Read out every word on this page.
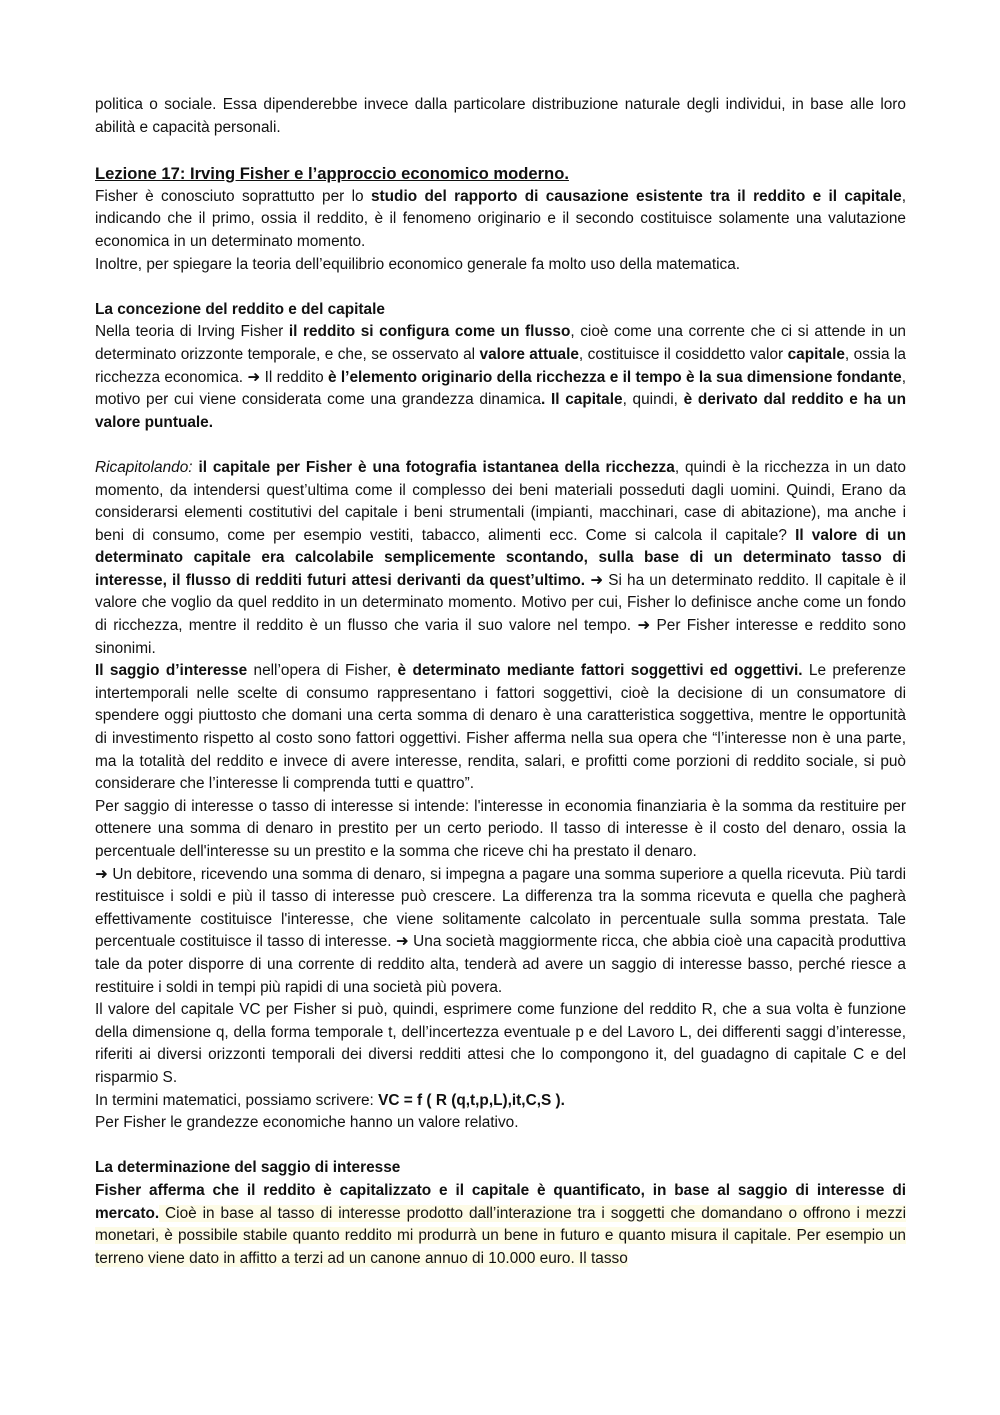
politica o sociale. Essa dipenderebbe invece dalla particolare distribuzione naturale degli individui, in base alle loro abilità e capacità personali.

Lezione 17: Irving Fisher e l’approccio economico moderno.

Fisher è conosciuto soprattutto per lo studio del rapporto di causazione esistente tra il reddito e il capitale, indicando che il primo, ossia il reddito, è il fenomeno originario e il secondo costituisce solamente una valutazione economica in un determinato momento.

Inoltre, per spiegare la teoria dell’equilibrio economico generale fa molto uso della matematica.

La concezione del reddito e del capitale

Nella teoria di Irving Fisher il reddito si configura come un flusso, cioè come una corrente che ci si attende in un determinato orizzonte temporale, e che, se osservato al valore attuale, costituisce il cosiddetto valor capitale, ossia la ricchezza economica. ➜ Il reddito è l’elemento originario della ricchezza e il tempo è la sua dimensione fondante, motivo per cui viene considerata come una grandezza dinamica. Il capitale, quindi, è derivato dal reddito e ha un valore puntuale.

Ricapitolando: il capitale per Fisher è una fotografia istantanea della ricchezza, quindi è la ricchezza in un dato momento, da intendersi quest’ultima come il complesso dei beni materiali posseduti dagli uomini. Quindi, Erano da considerarsi elementi costitutivi del capitale i beni strumentali (impianti, macchinari, case di abitazione), ma anche i beni di consumo, come per esempio vestiti, tabacco, alimenti ecc. Come si calcola il capitale? Il valore di un determinato capitale era calcolabile semplicemente scontando, sulla base di un determinato tasso di interesse, il flusso di redditi futuri attesi derivanti da quest’ultimo. ➜ Si ha un determinato reddito. Il capitale è il valore che voglio da quel reddito in un determinato momento. Motivo per cui, Fisher lo definisce anche come un fondo di ricchezza, mentre il reddito è un flusso che varia il suo valore nel tempo. ➜ Per Fisher interesse e reddito sono sinonimi.

Il saggio d’interesse nell’opera di Fisher, è determinato mediante fattori soggettivi ed oggettivi. Le preferenze intertemporali nelle scelte di consumo rappresentano i fattori soggettivi, cioè la decisione di un consumatore di spendere oggi piuttosto che domani una certa somma di denaro è una caratteristica soggettiva, mentre le opportunità di investimento rispetto al costo sono fattori oggettivi. Fisher afferma nella sua opera che “l’interesse non è una parte, ma la totalità del reddito e invece di avere interesse, rendita, salari, e profitti come porzioni di reddito sociale, si può considerare che l’interesse li comprenda tutti e quattro”.

Per saggio di interesse o tasso di interesse si intende: l'interesse in economia finanziaria è la somma da restituire per ottenere una somma di denaro in prestito per un certo periodo. Il tasso di interesse è il costo del denaro, ossia la percentuale dell'interesse su un prestito e la somma che riceve chi ha prestato il denaro.

➜ Un debitore, ricevendo una somma di denaro, si impegna a pagare una somma superiore a quella ricevuta. Più tardi restituisce i soldi e più il tasso di interesse può crescere. La differenza tra la somma ricevuta e quella che pagherà effettivamente costituisce l'interesse, che viene solitamente calcolato in percentuale sulla somma prestata. Tale percentuale costituisce il tasso di interesse. ➜ Una società maggiormente ricca, che abbia cioè una capacità produttiva tale da poter disporre di una corrente di reddito alta, tenderà ad avere un saggio di interesse basso, perché riesce a restituire i soldi in tempi più rapidi di una società più povera.

Il valore del capitale VC per Fisher si può, quindi, esprimere come funzione del reddito R, che a sua volta è funzione della dimensione q, della forma temporale t, dell’incertezza eventuale p e del Lavoro L, dei differenti saggi d’interesse, riferiti ai diversi orizzonti temporali dei diversi redditi attesi che lo compongono it, del guadagno di capitale C e del risparmio S.

In termini matematici, possiamo scrivere: VC = f ( R (q,t,p,L),it,C,S ).

Per Fisher le grandezze economiche hanno un valore relativo.

La determinazione del saggio di interesse

Fisher afferma che il reddito è capitalizzato e il capitale è quantificato, in base al saggio di interesse di mercato. Cioè in base al tasso di interesse prodotto dall’interazione tra i soggetti che domandano o offrono i mezzi monetari, è possibile stabile quanto reddito mi produrrà un bene in futuro e quanto misura il capitale. Per esempio un terreno viene dato in affitto a terzi ad un canone annuo di 10.000 euro. Il tasso
